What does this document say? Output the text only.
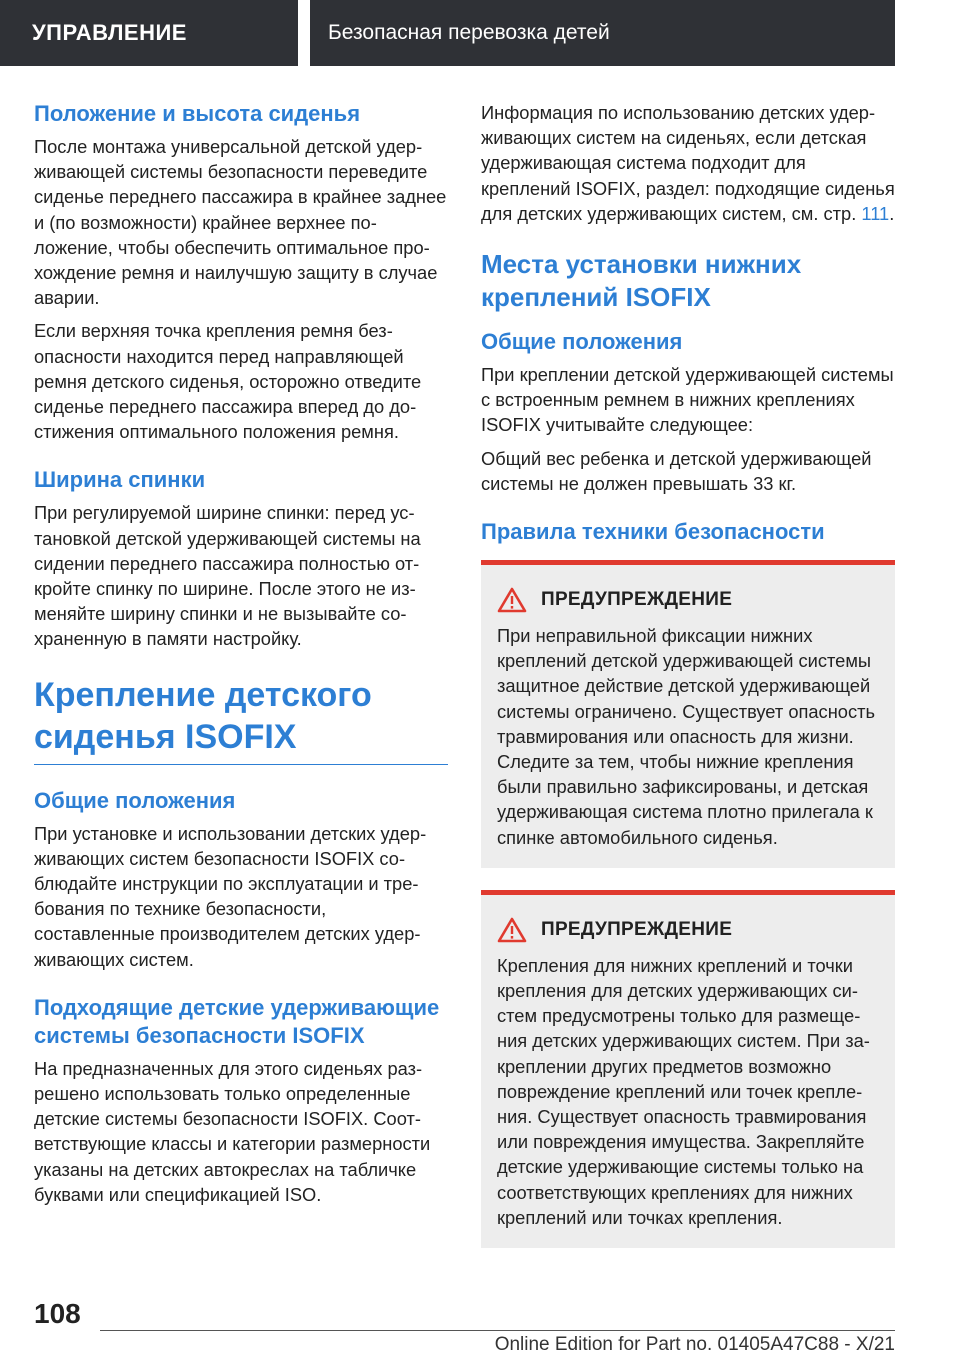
УПРАВЛЕНИЕ	Безопасная перевозка детей
Положение и высота сиденья

После монтажа универсальной детской удерживающей системы безопасности переведите сиденье переднего пассажира в крайнее заднее и (по возможности) крайнее верхнее положение, чтобы обеспечить оптимальное прохождение ремня и наилучшую защиту в случае аварии.

Если верхняя точка крепления ремня безопасности находится перед направляющей ремня детского сиденья, осторожно отведите сиденье переднего пассажира вперед до достижения оптимального положения ремня.

Ширина спинки

При регулируемой ширине спинки: перед установкой детской удерживающей системы на сидении переднего пассажира полностью откройте спинку по ширине. После этого не изменяйте ширину спинки и не вызывайте сохраненную в памяти настройку.

Крепление детского сиденья ISOFIX
Общие положения

При установке и использовании детских удерживающих систем безопасности ISOFIX соблюдайте инструкции по эксплуатации и требования по технике безопасности, составленные производителем детских удерживающих систем.

Подходящие детские удерживающие системы безопасности ISOFIX

На предназначенных для этого сиденьях разрешено использовать только определенные детские системы безопасности ISOFIX. Соответствующие классы и категории размерности указаны на детских автокреслах на табличке буквами или спецификацией ISO.

Информация по использованию детских удерживающих систем на сиденьях, если детская удерживающая система подходит для креплений ISOFIX, раздел: подходящие сиденья для детских удерживающих систем, см. стр. 111.

Места установки нижних креплений ISOFIX
Общие положения

При креплении детской удерживающей системы с встроенным ремнем в нижних креплениях ISOFIX учитывайте следующее:

Общий вес ребенка и детской удерживающей системы не должен превышать 33 кг.

Правила техники безопасности
ПРЕДУПРЕЖДЕНИЕ

При неправильной фиксации нижних креплений детской удерживающей системы защитное действие детской удерживающей системы ограничено. Существует опасность травмирования или опасность для жизни. Следите за тем, чтобы нижние крепления были правильно зафиксированы, и детская удерживающая система плотно прилегала к спинке автомобильного сиденья.

ПРЕДУПРЕЖДЕНИЕ

Крепления для нижних креплений и точки крепления для детских удерживающих систем предусмотрены только для размещения детских удерживающих систем. При закреплении других предметов возможно повреждение креплений или точек крепления. Существует опасность травмирования или повреждения имущества. Закрепляйте детские удерживающие системы только на соответствующих креплениях для нижних креплений или точках крепления.

108
Online Edition for Part no. 01405A47C88 - X/21
